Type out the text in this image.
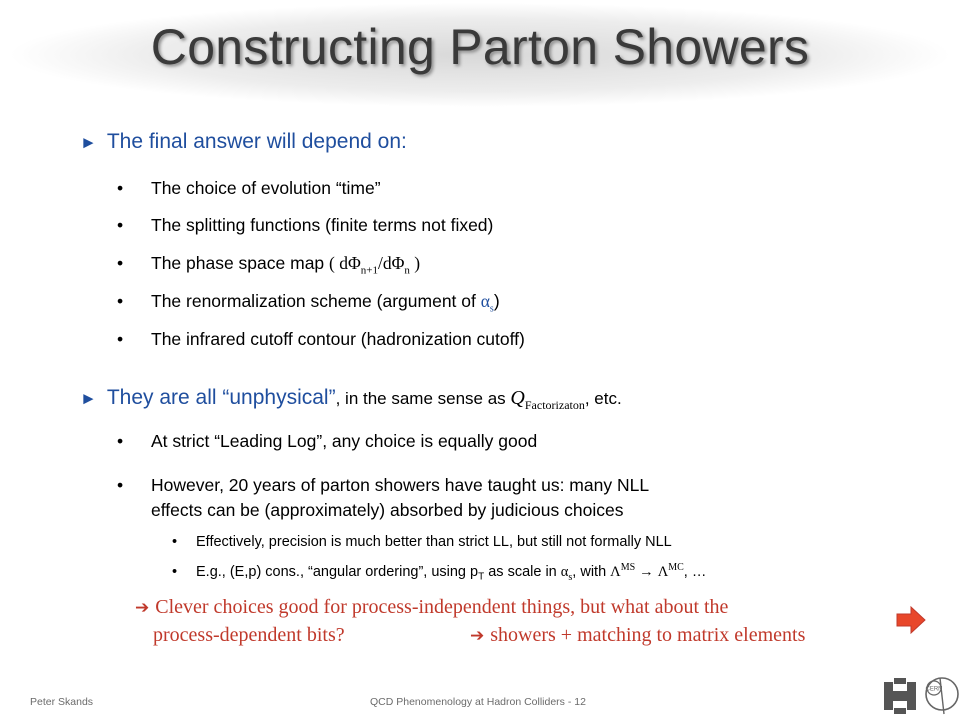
Constructing Parton Showers
► The final answer will depend on:
• The choice of evolution “time”
• The splitting functions (finite terms not fixed)
• The phase space map ( $d\Phi_{n+1}/d\Phi_n$ )
• The renormalization scheme (argument of $\alpha_s$)
• The infrared cutoff contour (hadronization cutoff)
► They are all “unphysical”, in the same sense as $Q_{Factorizaton}$, etc.
• At strict “Leading Log”, any choice is equally good
• However, 20 years of parton showers have taught us: many NLL
effects can be (approximately) absorbed by judicious choices
• Effectively, precision is much better than strict LL, but still not formally NLL
• E.g., (E,p) cons., “angular ordering”, using $p_T$ as scale in $\alpha_s$, with $\Lambda^{MS} \to \Lambda^{MC}$, …
➔ Clever choices good for process-independent things, but what about the
process-dependent bits?	➔ showers + matching to matrix elements
Peter Skands	QCD Phenomenology at Hadron Colliders - 12
CERN
